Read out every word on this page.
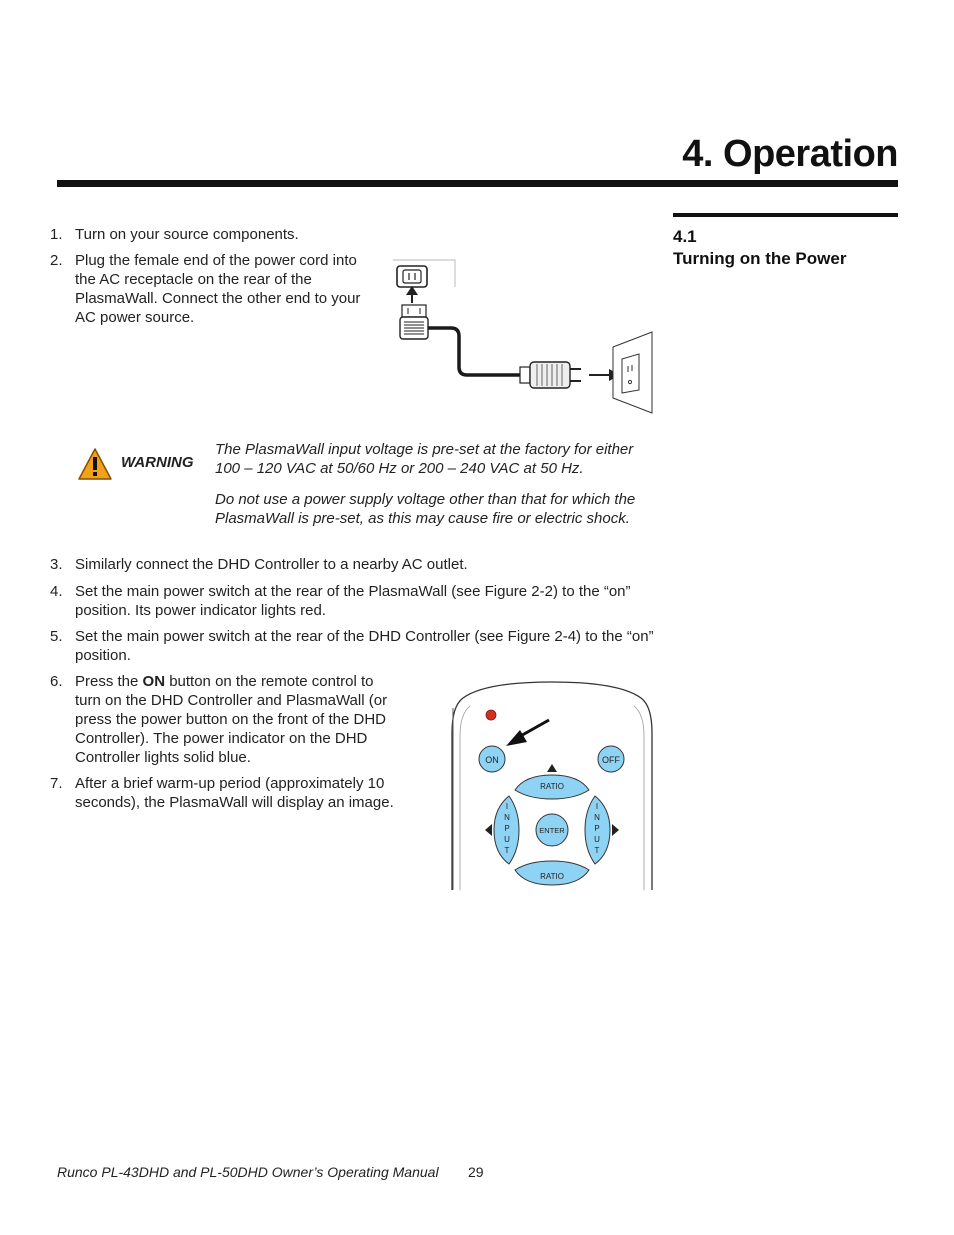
4. Operation
4.1
Turning on the Power
1. Turn on your source components.
2. Plug the female end of the power cord into the AC receptacle on the rear of the PlasmaWall. Connect the other end to your AC power source.
WARNING

The PlasmaWall input voltage is pre-set at the factory for either 100 – 120 VAC at 50/60 Hz or 200 – 240 VAC at 50 Hz.

Do not use a power supply voltage other than that for which the PlasmaWall is pre-set, as this may cause fire or electric shock.

3. Similarly connect the DHD Controller to a nearby AC outlet.
4. Set the main power switch at the rear of the PlasmaWall (see Figure 2-2) to the “on” position. Its power indicator lights red.
5. Set the main power switch at the rear of the DHD Controller (see Figure 2-4) to the “on” position.
6. Press the ON button on the remote control to turn on the DHD Controller and PlasmaWall (or press the power button on the front of the DHD Controller). The power indicator on the DHD Controller lights solid blue.
7. After a brief warm-up period (approximately 10 seconds), the PlasmaWall will display an image.
ON	OFF
RATIO
I
N
P
U
T
I
N
P
U
T
ENTER
RATIO
Runco PL-43DHD and PL-50DHD Owner’s Operating Manual 29
